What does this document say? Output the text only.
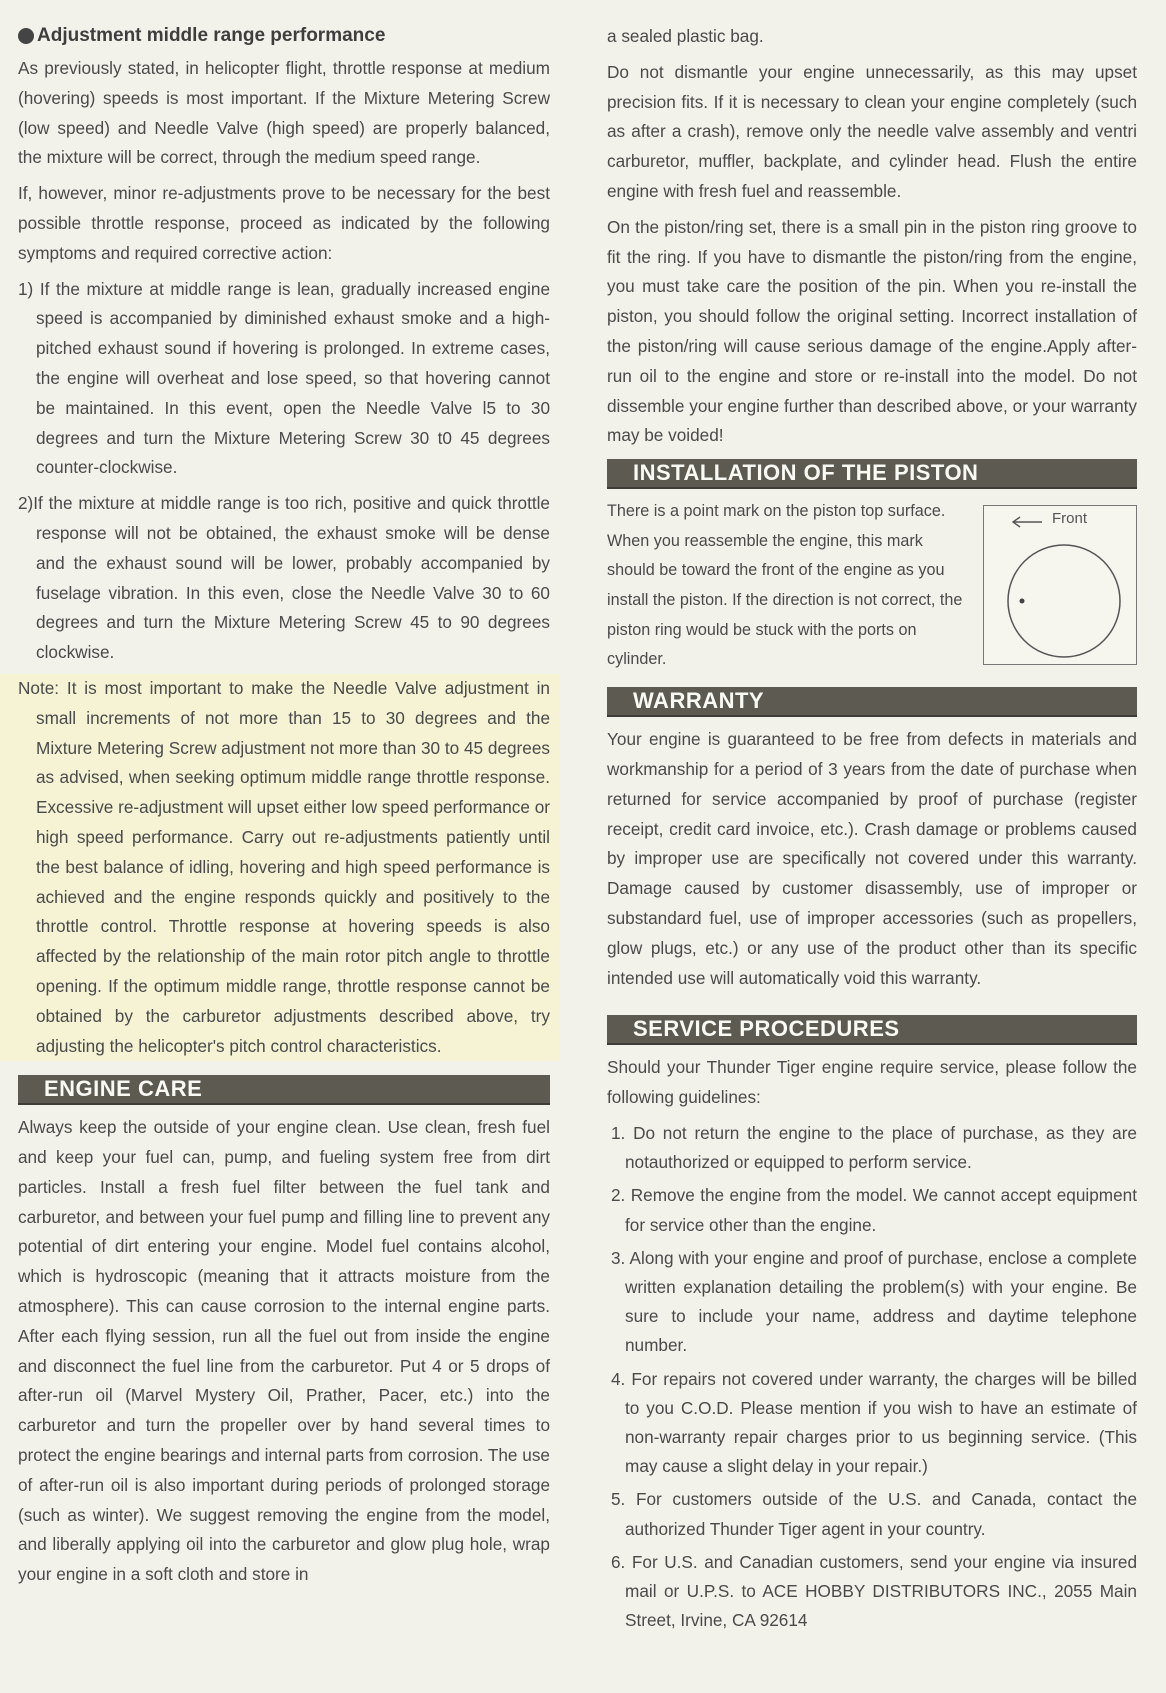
Adjustment middle range performance

As previously stated, in helicopter flight, throttle response at medium (hovering) speeds is most important. If the Mixture Metering Screw (low speed) and Needle Valve (high speed) are properly balanced, the mixture will be correct, through the medium speed range.

If, however, minor re-adjustments prove to be necessary for the best possible throttle response, proceed as indicated by the following symptoms and required corrective action:

1) If the mixture at middle range is lean, gradually increased engine speed is accompanied by diminished exhaust smoke and a high-pitched exhaust sound if hovering is prolonged. In extreme cases, the engine will overheat and lose speed, so that hovering cannot be maintained. In this event, open the Needle Valve l5 to 30 degrees and turn the Mixture Metering Screw 30 t0 45 degrees counter-clockwise.

2)If the mixture at middle range is too rich, positive and quick throttle response will not be obtained, the exhaust smoke will be dense and the exhaust sound will be lower, probably accompanied by fuselage vibration. In this even, close the Needle Valve 30 to 60 degrees and turn the Mixture Metering Screw 45 to 90 degrees clockwise.

Note: It is most important to make the Needle Valve adjustment in small increments of not more than 15 to 30 degrees and the Mixture Metering Screw adjustment not more than 30 to 45 degrees as advised, when seeking optimum middle range throttle response. Excessive re-adjustment will upset either low speed performance or high speed performance. Carry out re-adjustments patiently until the best balance of idling, hovering and high speed performance is achieved and the engine responds quickly and positively to the throttle control. Throttle response at hovering speeds is also affected by the relationship of the main rotor pitch angle to throttle opening. If the optimum middle range, throttle response cannot be obtained by the carburetor adjustments described above, try adjusting the helicopter's pitch control characteristics.

ENGINE CARE

Always keep the outside of your engine clean. Use clean, fresh fuel and keep your fuel can, pump, and fueling system free from dirt particles. Install a fresh fuel filter between the fuel tank and carburetor, and between your fuel pump and filling line to prevent any potential of dirt entering your engine. Model fuel contains alcohol, which is hydroscopic (meaning that it attracts moisture from the atmosphere). This can cause corrosion to the internal engine parts. After each flying session, run all the fuel out from inside the engine and disconnect the fuel line from the carburetor. Put 4 or 5 drops of after-run oil (Marvel Mystery Oil, Prather, Pacer, etc.) into the carburetor and turn the propeller over by hand several times to protect the engine bearings and internal parts from corrosion. The use of after-run oil is also important during periods of prolonged storage (such as winter). We suggest removing the engine from the model, and liberally applying oil into the carburetor and glow plug hole, wrap your engine in a soft cloth and store in

a sealed plastic bag.

Do not dismantle your engine unnecessarily, as this may upset precision fits. If it is necessary to clean your engine completely (such as after a crash), remove only the needle valve assembly and ventri carburetor, muffler, backplate, and cylinder head. Flush the entire engine with fresh fuel and reassemble.

On the piston/ring set, there is a small pin in the piston ring groove to fit the ring. If you have to dismantle the piston/ring from the engine, you must take care the position of the pin. When you re-install the piston, you should follow the original setting. Incorrect installation of the piston/ring will cause serious damage of the engine.Apply after-run oil to the engine and store or re-install into the model. Do not dissemble your engine further than described above, or your warranty may be voided!

INSTALLATION OF THE PISTON

There is a point mark on the piston top surface. When you reassemble the engine, this mark should be toward the front of the engine as you install the piston. If the direction is not correct, the piston ring would be stuck with the ports on cylinder.

Front
WARRANTY

Your engine is guaranteed to be free from defects in materials and workmanship for a period of 3 years from the date of purchase when returned for service accompanied by proof of purchase (register receipt, credit card invoice, etc.). Crash damage or problems caused by improper use are specifically not covered under this warranty. Damage caused by customer disassembly, use of improper or substandard fuel, use of improper accessories (such as propellers, glow plugs, etc.) or any use of the product other than its specific intended use will automatically void this warranty.

SERVICE PROCEDURES

Should your Thunder Tiger engine require service, please follow the following guidelines:

1. Do not return the engine to the place of purchase, as they are notauthorized or equipped to perform service.
2. Remove the engine from the model. We cannot accept equipment for service other than the engine.
3. Along with your engine and proof of purchase, enclose a complete written explanation detailing the problem(s) with your engine. Be sure to include your name, address and daytime telephone number.
4. For repairs not covered under warranty, the charges will be billed to you C.O.D. Please mention if you wish to have an estimate of non-warranty repair charges prior to us beginning service. (This may cause a slight delay in your repair.)
5. For customers outside of the U.S. and Canada, contact the authorized Thunder Tiger agent in your country.
6. For U.S. and Canadian customers, send your engine via insured mail or U.P.S. to ACE HOBBY DISTRIBUTORS INC., 2055 Main Street, Irvine, CA 92614
